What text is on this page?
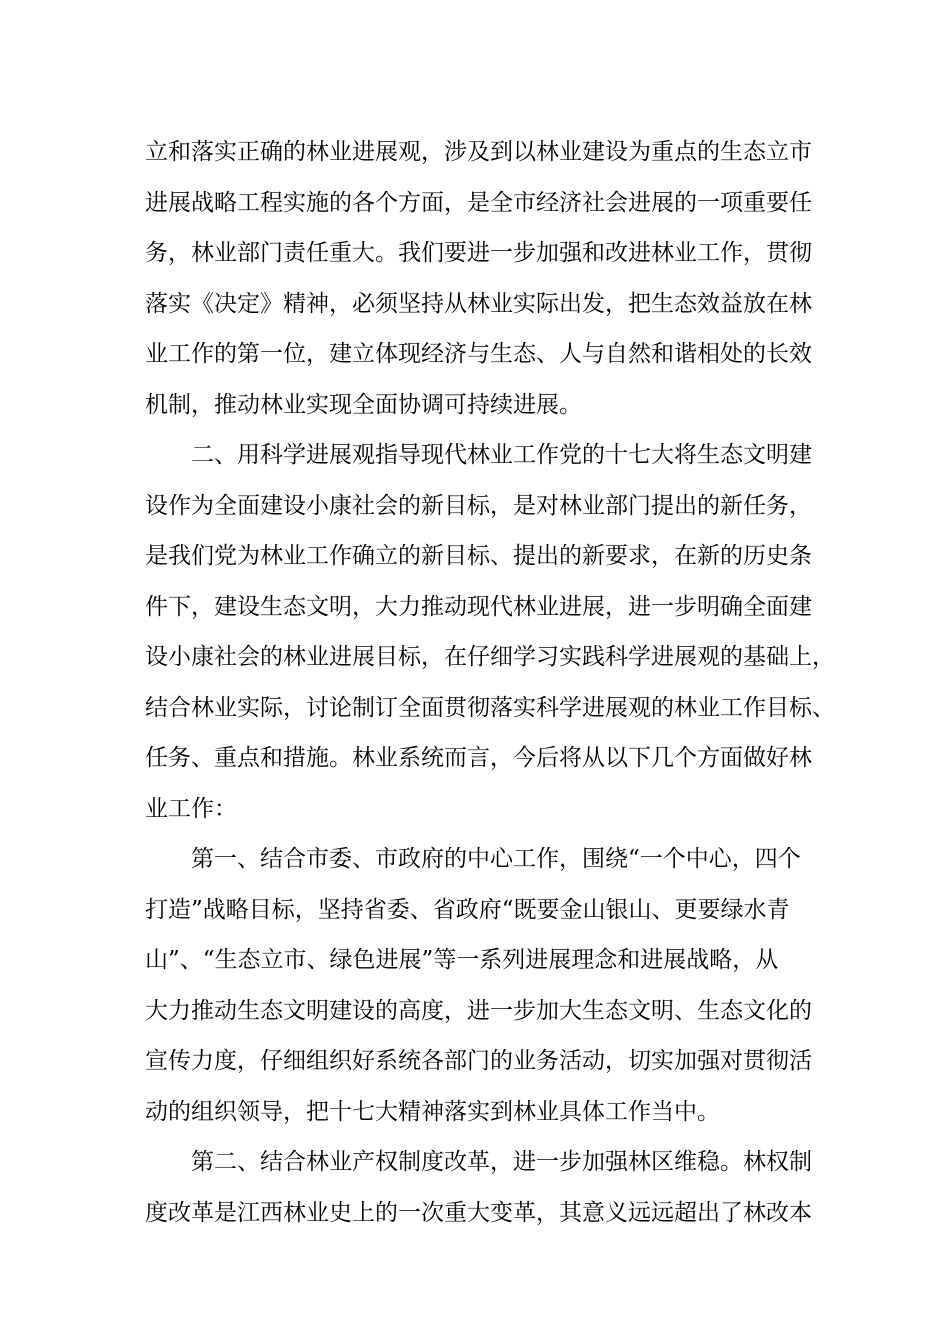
立和落实正确的林业进展观，涉及到以林业建设为重点的生态立市
进展战略工程实施的各个方面，是全市经济社会进展的一项重要任
务，林业部门责任重大。我们要进一步加强和改进林业工作，贯彻
落实《决定》精神，必须坚持从林业实际出发，把生态效益放在林
业工作的第一位，建立体现经济与生态、人与自然和谐相处的长效
机制，推动林业实现全面协调可持续进展。
二、用科学进展观指导现代林业工作党的十七大将生态文明建
设作为全面建设小康社会的新目标，是对林业部门提出的新任务，
是我们党为林业工作确立的新目标、提出的新要求，在新的历史条
件下，建设生态文明，大力推动现代林业进展，进一步明确全面建
设小康社会的林业进展目标，在仔细学习实践科学进展观的基础上，
结合林业实际，讨论制订全面贯彻落实科学进展观的林业工作目标、
任务、重点和措施。林业系统而言，今后将从以下几个方面做好林
业工作：
第一、结合市委、市政府的中心工作，围绕“一个中心，四个
打造”战略目标，坚持省委、省政府“既要金山银山、更要绿水青
山”、“生态立市、绿色进展”等一系列进展理念和进展战略，从
大力推动生态文明建设的高度，进一步加大生态文明、生态文化的
宣传力度，仔细组织好系统各部门的业务活动，切实加强对贯彻活
动的组织领导，把十七大精神落实到林业具体工作当中。
第二、结合林业产权制度改革，进一步加强林区维稳。林权制
度改革是江西林业史上的一次重大变革，其意义远远超出了林改本
